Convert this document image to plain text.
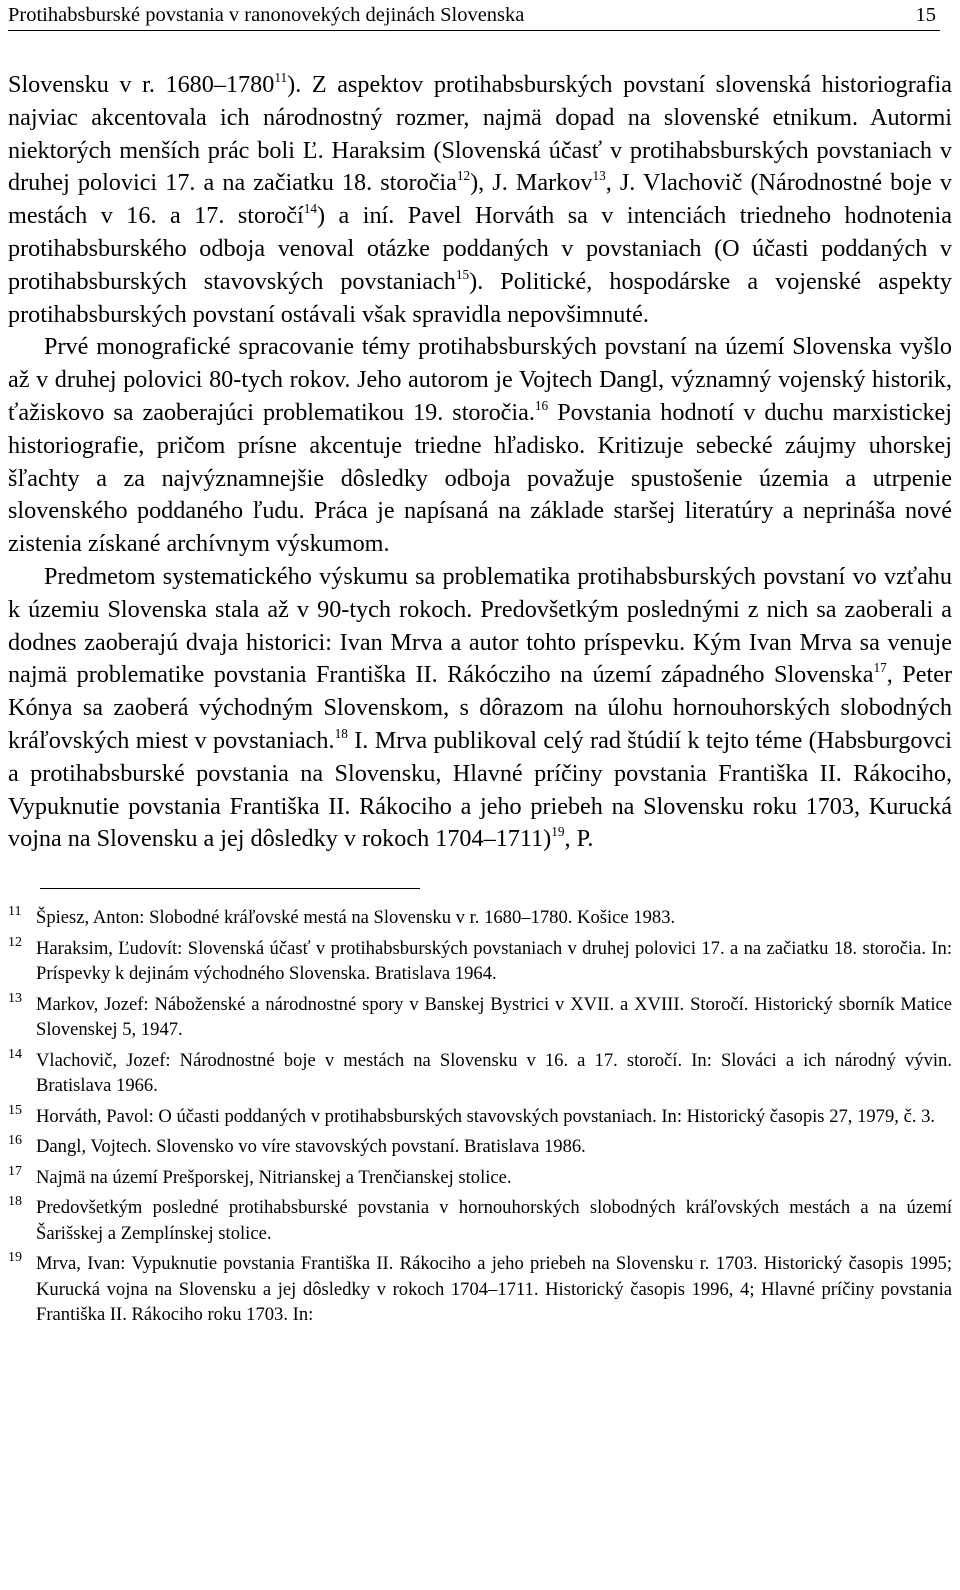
Protihabsburské povstania v ranonovekých dejinách Slovenska	15

Slovensku v r. 1680–1780$^{11}$). Z aspektov protihabsburských povstaní slovenská historiografia najviac akcentovala ich národnostný rozmer, najmä dopad na slovenské etnikum. Autormi niektorých menších prác boli Ľ. Haraksim (Slovenská účasť v protihabsburských povstaniach v druhej polovici 17. a na začiatku 18. storočia$^{12}$), J. Markov$^{13}$, J. Vlachovič (Národnostné boje v mestách v 16. a 17. storočí$^{14}$) a iní. Pavel Horváth sa v intenciách triedneho hodnotenia protihabsburského odboja venoval otázke poddaných v povstaniach (O účasti poddaných v protihabsburských stavovských povstaniach$^{15}$). Politické, hospodárske a vojenské aspekty protihabsburských povstaní ostávali však spravidla nepovšimnuté.

Prvé monografické spracovanie témy protihabsburských povstaní na území Slovenska vyšlo až v druhej polovici 80-tych rokov. Jeho autorom je Vojtech Dangl, významný vojenský historik, ťažiskovo sa zaoberajúci problematikou 19. storočia.$^{16}$ Povstania hodnotí v duchu marxistickej historiografie, pričom prísne akcentuje triedne hľadisko. Kritizuje sebecké záujmy uhorskej šľachty a za najvýznamnejšie dôsledky odboja považuje spustošenie územia a utrpenie slovenského poddaného ľudu. Práca je napísaná na základe staršej literatúry a neprináša nové zistenia získané archívnym výskumom.

Predmetom systematického výskumu sa problematika protihabsburských povstaní vo vzťahu k územiu Slovenska stala až v 90-tych rokoch. Predovšetkým poslednými z nich sa zaoberali a dodnes zaoberajú dvaja historici: Ivan Mrva a autor tohto príspevku. Kým Ivan Mrva sa venuje najmä problematike povstania Františka II. Rákócziho na území západného Slovenska$^{17}$, Peter Kónya sa zaoberá východným Slovenskom, s dôrazom na úlohu hornouhorských slobodných kráľovských miest v povstaniach.$^{18}$ I. Mrva publikoval celý rad štúdií k tejto téme (Habsburgovci a protihabsburské povstania na Slovensku, Hlavné príčiny povstania Františka II. Rákociho, Vypuknutie povstania Františka II. Rákociho a jeho priebeh na Slovensku roku 1703, Kurucká vojna na Slovensku a jej dôsledky v rokoch 1704–1711)$^{19}$, P.

11 Špiesz, Anton: Slobodné kráľovské mestá na Slovensku v r. 1680–1780. Košice 1983.
12 Haraksim, Ľudovít: Slovenská účasť v protihabsburských povstaniach v druhej polovici 17. a na začiatku 18. storočia. In: Príspevky k dejinám východného Slovenska. Bratislava 1964.
13 Markov, Jozef: Náboženské a národnostné spory v Banskej Bystrici v XVII. a XVIII. Storočí. Historický sborník Matice Slovenskej 5, 1947.
14 Vlachovič, Jozef: Národnostné boje v mestách na Slovensku v 16. a 17. storočí. In: Slováci a ich národný vývin. Bratislava 1966.
15 Horváth, Pavol: O účasti poddaných v protihabsburských stavovských povstaniach. In: Historický časopis 27, 1979, č. 3.
16 Dangl, Vojtech. Slovensko vo víre stavovských povstaní. Bratislava 1986.
17 Najmä na území Prešporskej, Nitrianskej a Trenčianskej stolice.
18 Predovšetkým posledné protihabsburské povstania v hornouhorských slobodných kráľovských mestách a na území Šarišskej a Zemplínskej stolice.
19 Mrva, Ivan: Vypuknutie povstania Františka II. Rákociho a jeho priebeh na Slovensku r. 1703. Historický časopis 1995; Kurucká vojna na Slovensku a jej dôsledky v rokoch 1704–1711. Historický časopis 1996, 4; Hlavné príčiny povstania Františka II. Rákociho roku 1703. In:
